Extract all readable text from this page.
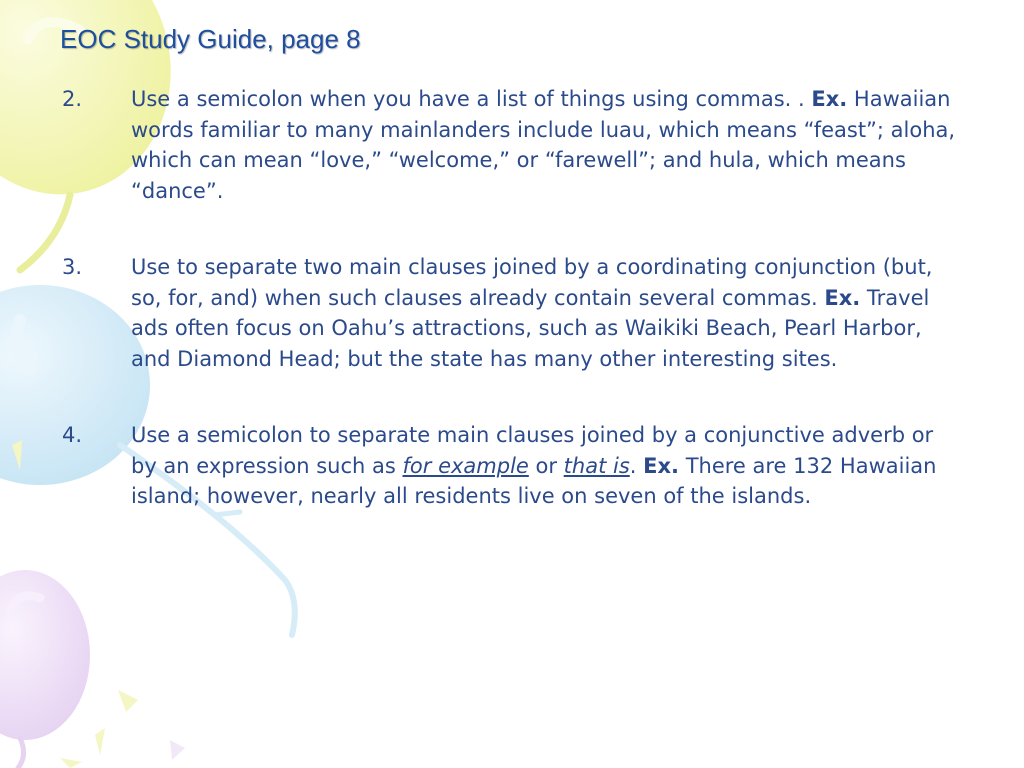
EOC Study Guide, page 8
2. Use a semicolon when you have a list of things using commas. . Ex. Hawaiian words familiar to many mainlanders include luau, which means “feast”; aloha, which can mean “love,” “welcome,” or “farewell”; and hula, which means “dance”.
3. Use to separate two main clauses joined by a coordinating conjunction (but, so, for, and) when such clauses already contain several commas. Ex. Travel ads often focus on Oahu’s attractions, such as Waikiki Beach, Pearl Harbor, and Diamond Head; but the state has many other interesting sites.
4. Use a semicolon to separate main clauses joined by a conjunctive adverb or by an expression such as for example or that is. Ex. There are 132 Hawaiian island; however, nearly all residents live on seven of the islands.
